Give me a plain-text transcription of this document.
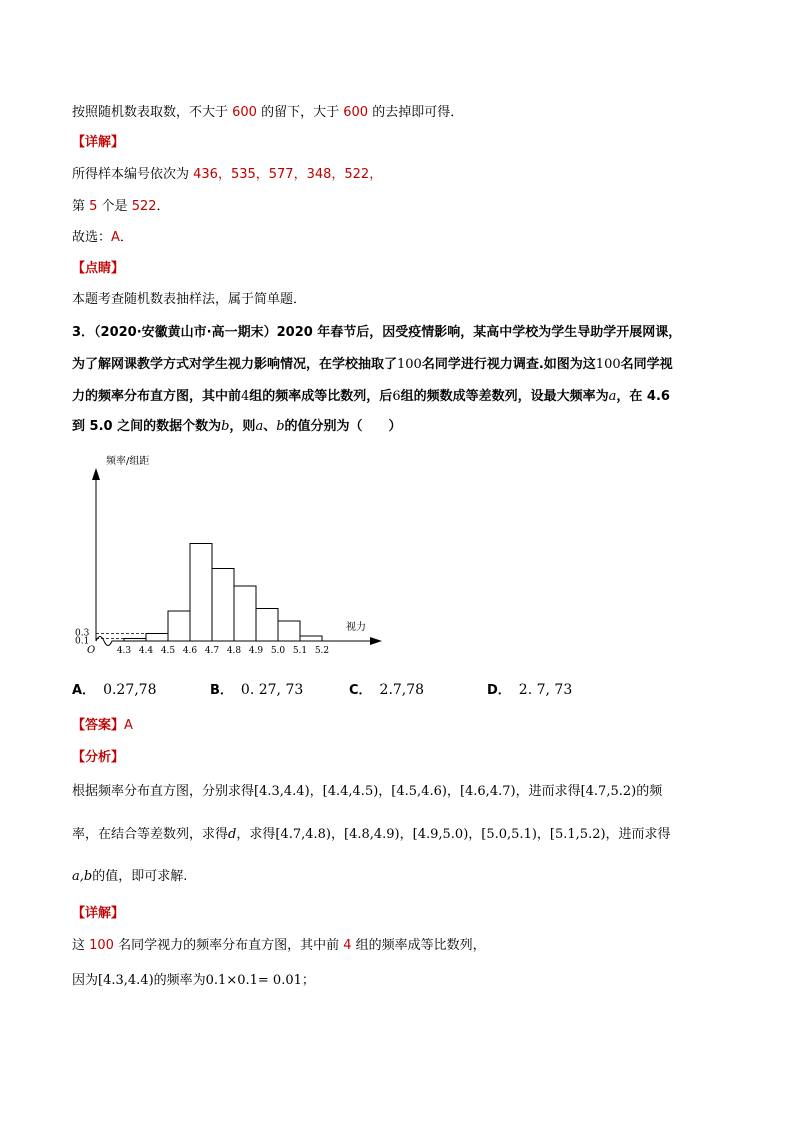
按照随机数表取数，不大于 600 的留下，大于 600 的去掉即可得．
【详解】
所得样本编号依次为 436，535，577，348，522，
第 5 个是 522．
故选：A．
【点睛】
本题考查随机数表抽样法，属于简单题．
3．（2020·安徽黄山市·高一期末）2020 年春节后，因受疫情影响，某高中学校为学生导助学开展网课，
为了解网课教学方式对学生视力影响情况，在学校抽取了100名同学进行视力调查.如图为这100名同学视
力的频率分布直方图，其中前4组的频率成等比数列，后6组的频数成等差数列，设最大频率为a，在 4.6
到 5.0 之间的数据个数为b，则a、b的值分别为（　　）
频率/组距
视力
O
0.3
0.1
4.3 4.4 4.5 4.6 4.7 4.8 4.9 5.0 5.1 5.2
A． 0.27,78	B． 0. 27, 73	C． 2.7,78	D． 2. 7, 73
【答案】A
【分析】
根据频率分布直方图，分别求得[4.3,4.4)，[4.4,4.5)，[4.5,4.6)，[4.6,4.7)，进而求得[4.7,5.2)的频
率，在结合等差数列，求得d，求得[4.7,4.8)，[4.8,4.9)，[4.9,5.0)，[5.0,5.1)，[5.1,5.2)，进而求得
a,b的值，即可求解.
【详解】
这 100 名同学视力的频率分布直方图，其中前 4 组的频率成等比数列，
因为[4.3,4.4)的频率为0.1×0.1= 0.01；
